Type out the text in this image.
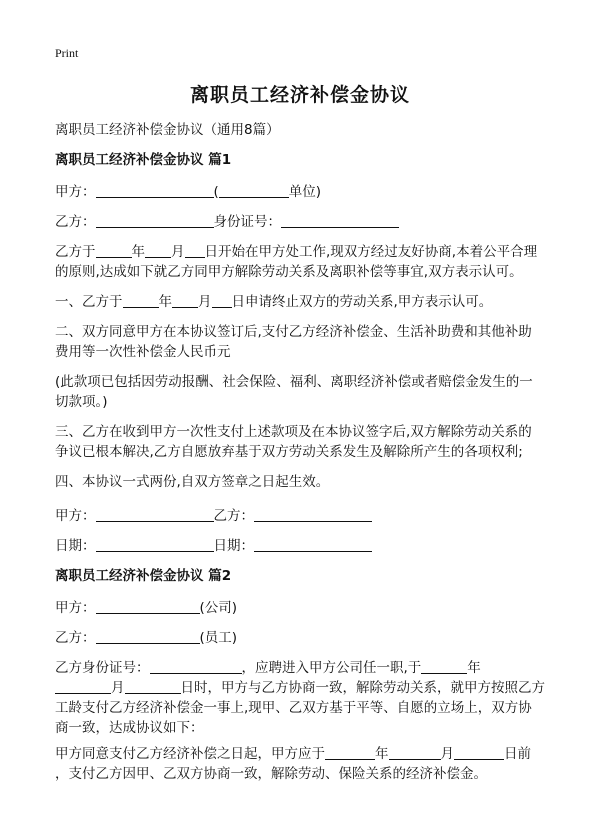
Print
离职员工经济补偿金协议
离职员工经济补偿金协议（通用8篇）
离职员工经济补偿金协议 篇1
甲方：	(	单位)
乙方：	身份证号：
乙方于	年 月 日开始在甲方处工作,现双方经过友好协商,本着公平合理的原则,达成如下就乙方同甲方解除劳动关系及离职补偿等事宜,双方表示认可。
一、乙方于	年 月 日申请终止双方的劳动关系,甲方表示认可。
二、双方同意甲方在本协议签订后,支付乙方经济补偿金、生活补助费和其他补助费用等一次性补偿金人民币元
(此款项已包括因劳动报酬、社会保险、福利、离职经济补偿或者赔偿金发生的一切款项。)
三、乙方在收到甲方一次性支付上述款项及在本协议签字后,双方解除劳动关系的争议已根本解决,乙方自愿放弃基于双方劳动关系发生及解除所产生的各项权利;
四、本协议一式两份,自双方签章之日起生效。
甲方：	乙方：
日期：	日期：
离职员工经济补偿金协议 篇2
甲方：	(公司)
乙方：	(员工)
乙方身份证号：	，应聘进入甲方公司任一职,于	年
月	日时，甲方与乙方协商一致，解除劳动关系，就甲方按照乙方
工龄支付乙方经济补偿金一事上,现甲、乙双方基于平等、自愿的立场上，双方协
商一致，达成协议如下：
甲方同意支付乙方经济补偿之日起，甲方应于	年	月	日前
，支付乙方因甲、乙双方协商一致，解除劳动、保险关系的经济补偿金。
